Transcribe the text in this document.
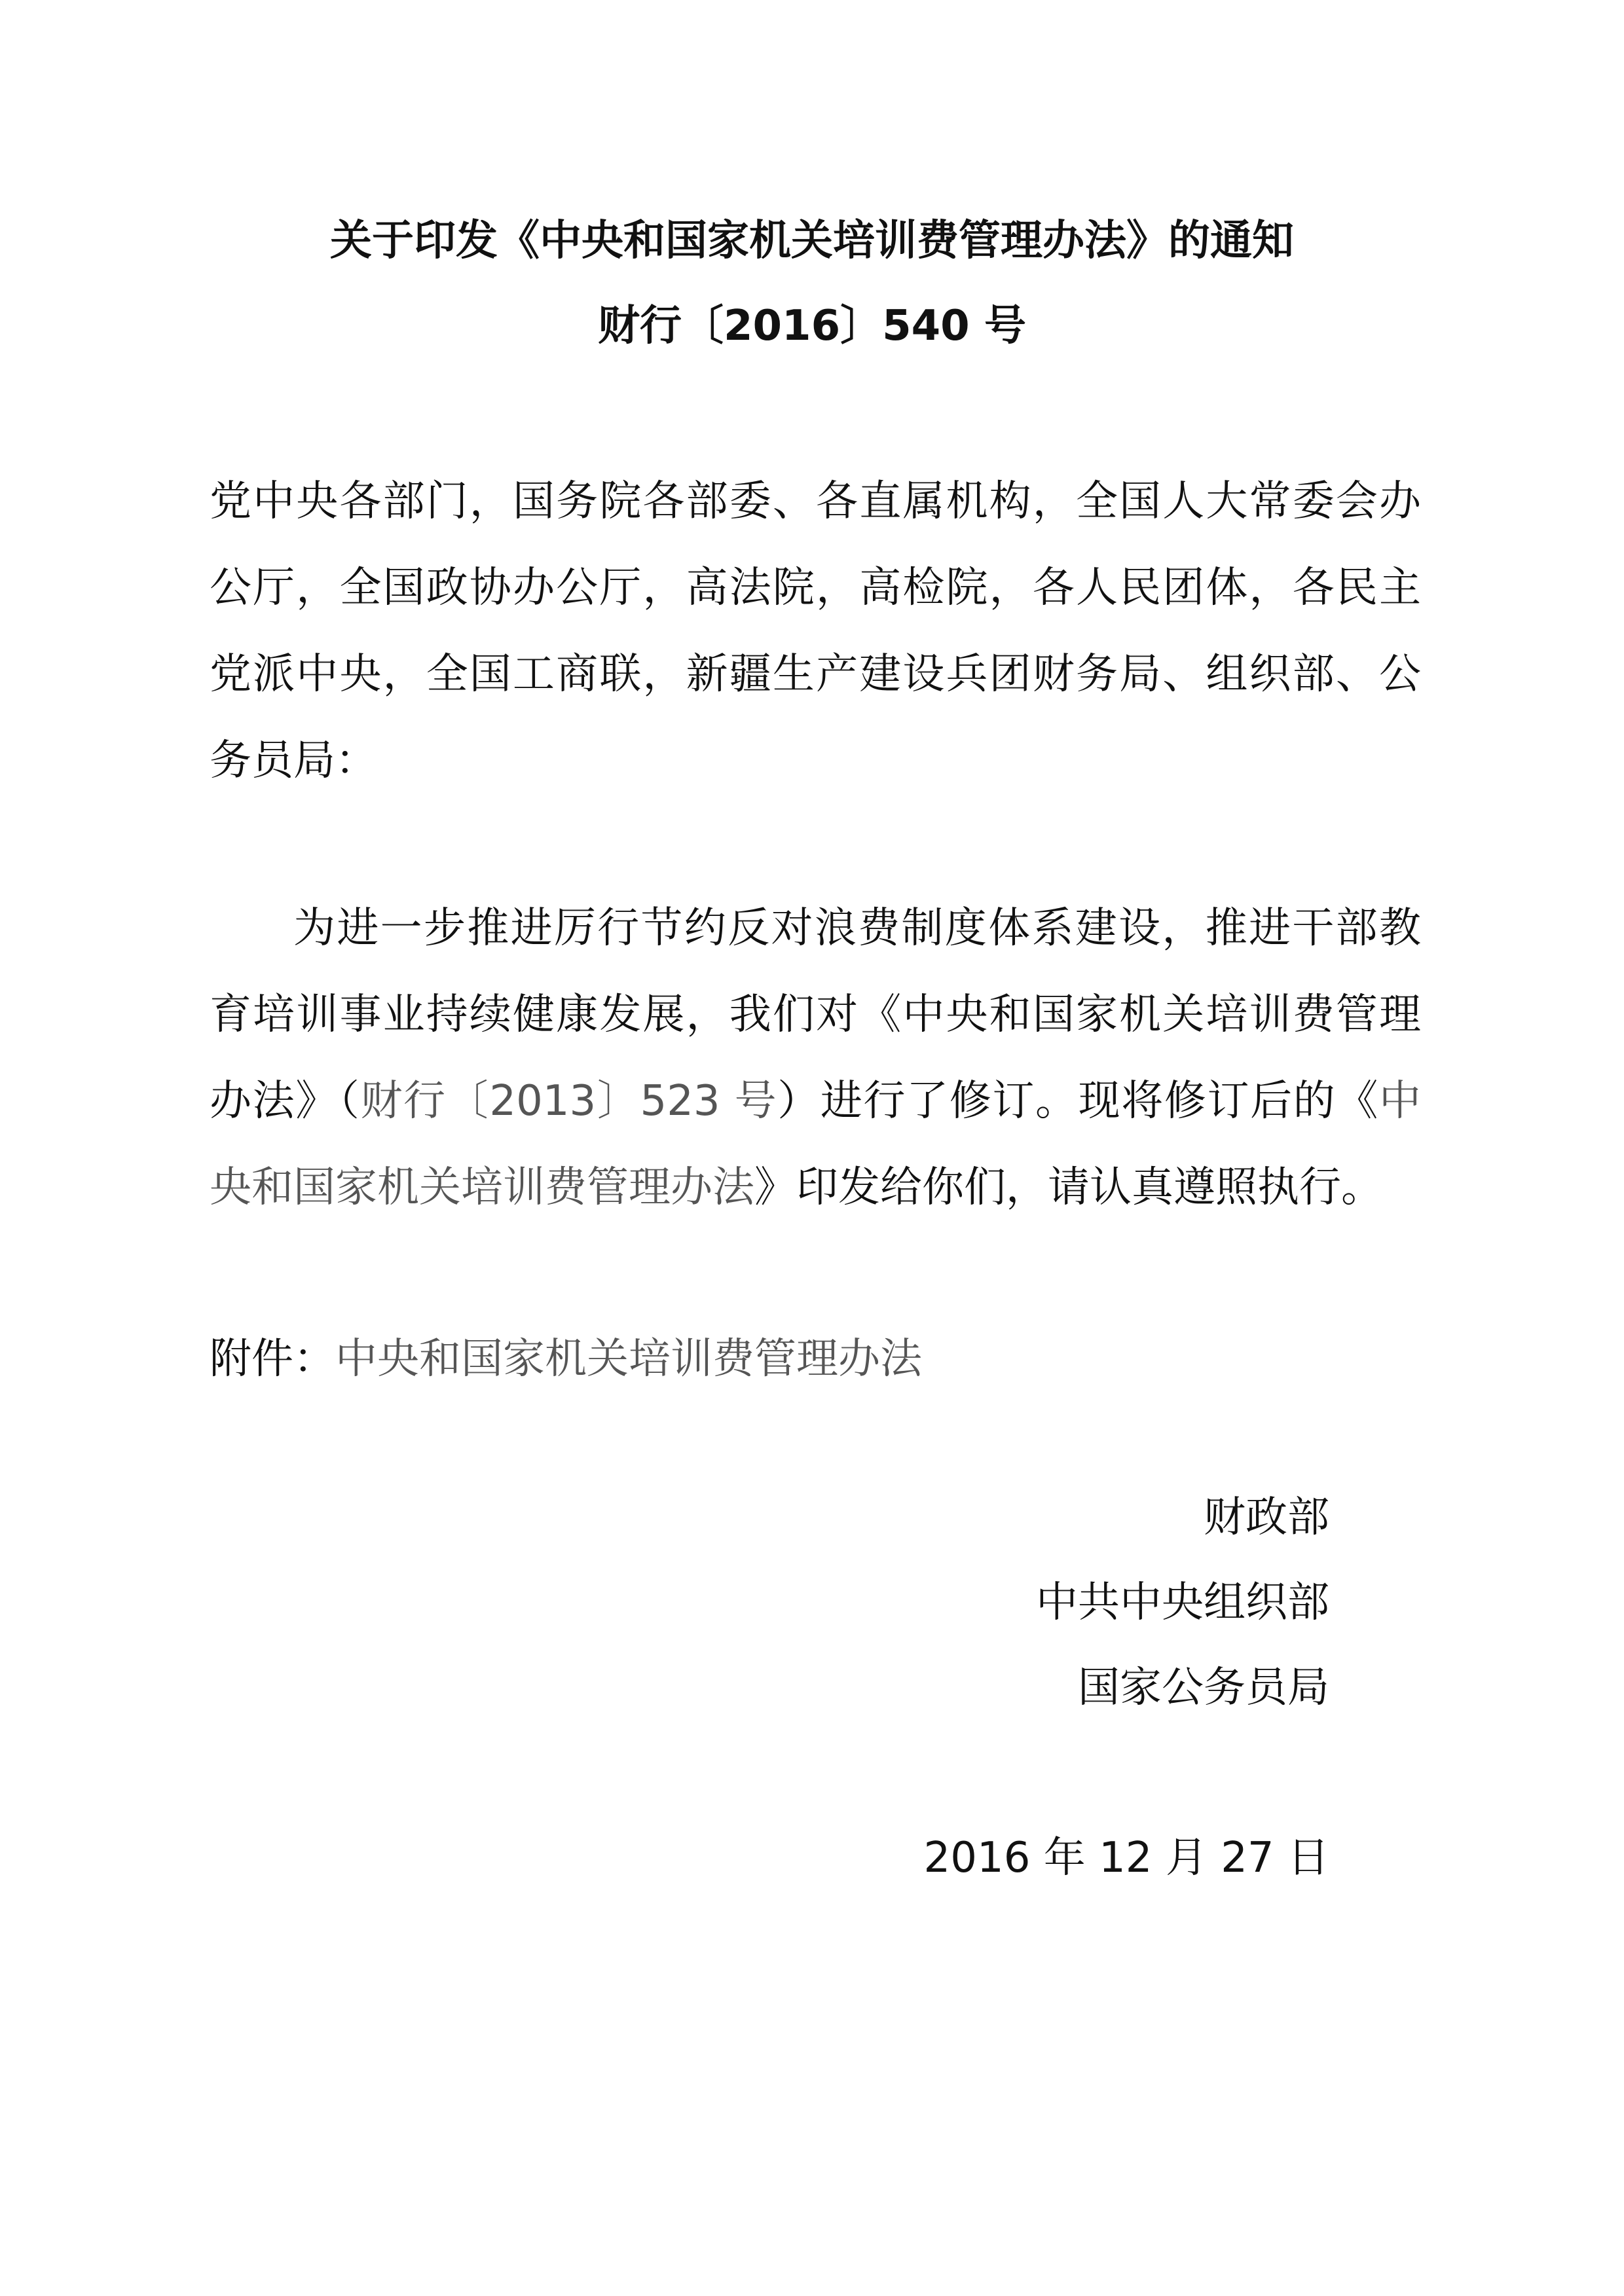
关于印发《中央和国家机关培训费管理办法》的通知
财行〔2016〕540 号

党中央各部门，国务院各部委、各直属机构，全国人大常委会办公厅，全国政协办公厅，高法院，高检院，各人民团体，各民主党派中央，全国工商联，新疆生产建设兵团财务局、组织部、公务员局：

为进一步推进厉行节约反对浪费制度体系建设，推进干部教育培训事业持续健康发展，我们对《中央和国家机关培训费管理办法》（财行〔2013〕523 号）进行了修订。现将修订后的《中央和国家机关培训费管理办法》印发给你们，请认真遵照执行。

附件：中央和国家机关培训费管理办法
财政部
中共中央组织部
国家公务员局
2016 年 12 月 27 日
